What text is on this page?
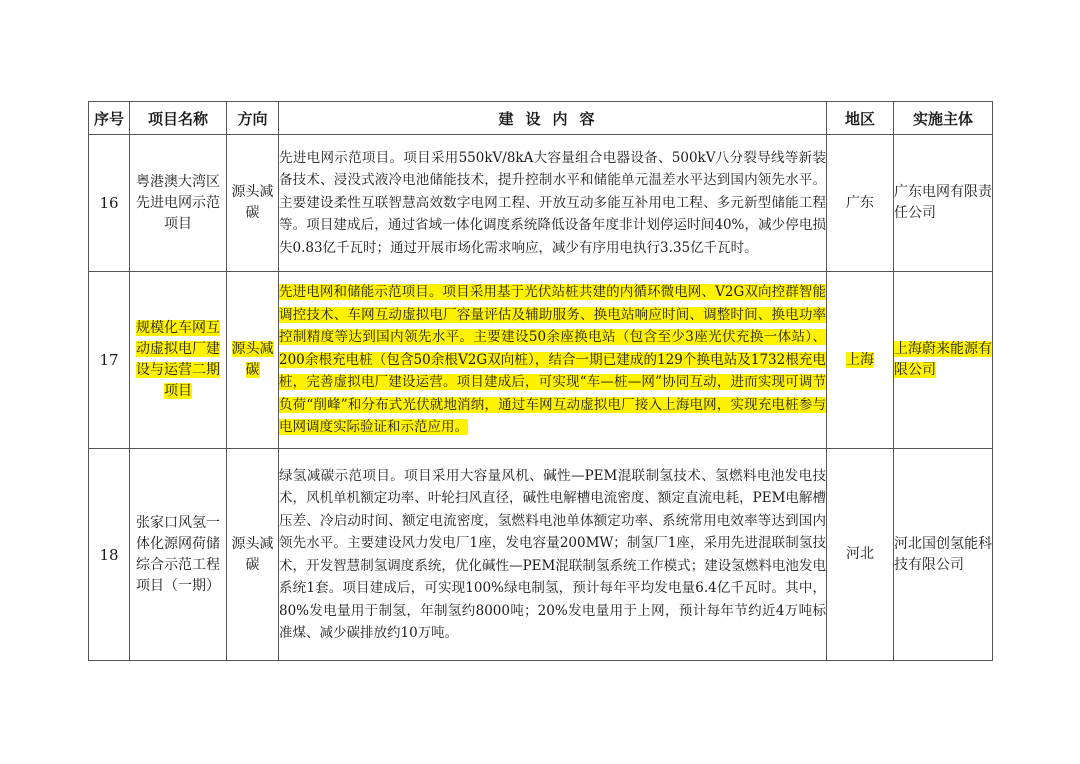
序号	项目名称	方向	建设内容	地区	实施主体
16	粤港澳大湾区先进电网示范项目	源头减碳	先进电网示范项目。项目采用550kV/8kA大容量组合电器设备、500kV八分裂导线等新装备技术、浸没式液冷电池储能技术，提升控制水平和储能单元温差水平达到国内领先水平。主要建设柔性互联智慧高效数字电网工程、开放互动多能互补用电工程、多元新型储能工程等。项目建成后，通过省域一体化调度系统降低设备年度非计划停运时间40%，减少停电损失0.83亿千瓦时；通过开展市场化需求响应，减少有序用电执行3.35亿千瓦时。	广东	广东电网有限责任公司
17	规模化车网互动虚拟电厂建设与运营二期项目	源头减碳	先进电网和储能示范项目。项目采用基于光伏站桩共建的内循环微电网、V2G双向控群智能调控技术、车网互动虚拟电厂容量评估及辅助服务、换电站响应时间、调整时间、换电功率控制精度等达到国内领先水平。主要建设50余座换电站（包含至少3座光伏充换一体站）、200余根充电桩（包含50余根V2G双向桩），结合一期已建成的129个换电站及1732根充电桩，完善虚拟电厂建设运营。项目建成后，可实现“车—桩—网”协同互动，进而实现可调节负荷“削峰”和分布式光伏就地消纳，通过车网互动虚拟电厂接入上海电网，实现充电桩参与电网调度实际验证和示范应用。	上海	上海蔚来能源有限公司
18	张家口风氢一体化源网荷储综合示范工程项目（一期）	源头减碳	绿氢减碳示范项目。项目采用大容量风机、碱性—PEM混联制氢技术、氢燃料电池发电技术，风机单机额定功率、叶轮扫风直径，碱性电解槽电流密度、额定直流电耗，PEM电解槽压差、冷启动时间、额定电流密度，氢燃料电池单体额定功率、系统常用电效率等达到国内领先水平。主要建设风力发电厂1座，发电容量200MW；制氢厂1座，采用先进混联制氢技术，开发智慧制氢调度系统，优化碱性—PEM混联制氢系统工作模式；建设氢燃料电池发电系统1套。项目建成后，可实现100%绿电制氢，预计每年平均发电量6.4亿千瓦时。其中，80%发电量用于制氢，年制氢约8000吨；20%发电量用于上网，预计每年节约近4万吨标准煤、减少碳排放约10万吨。	河北	河北国创氢能科技有限公司
